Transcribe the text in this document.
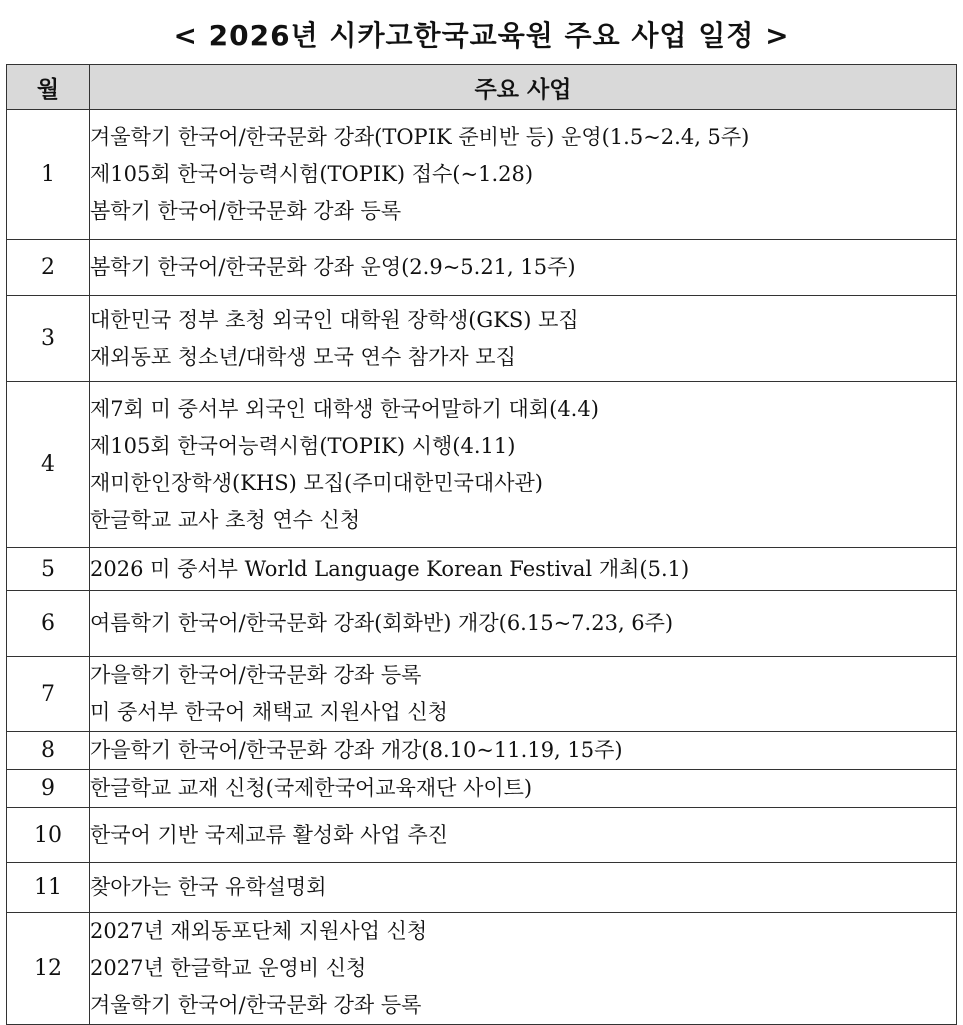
< 2026년 시카고한국교육원 주요 사업 일정 >
월	주요 사업
1	겨울학기 한국어/한국문화 강좌(TOPIK 준비반 등) 운영(1.5~2.4, 5주)
제105회 한국어능력시험(TOPIK) 접수(~1.28)
봄학기 한국어/한국문화 강좌 등록

2	봄학기 한국어/한국문화 강좌 운영(2.9~5.21, 15주)

3	대한민국 정부 초청 외국인 대학원 장학생(GKS) 모집
재외동포 청소년/대학생 모국 연수 참가자 모집

4	제7회 미 중서부 외국인 대학생 한국어말하기 대회(4.4)
제105회 한국어능력시험(TOPIK) 시행(4.11)
재미한인장학생(KHS) 모집(주미대한민국대사관)
한글학교 교사 초청 연수 신청

5	2026 미 중서부 World Language Korean Festival 개최(5.1)

6	여름학기 한국어/한국문화 강좌(회화반) 개강(6.15~7.23, 6주)

7	가을학기 한국어/한국문화 강좌 등록
미 중서부 한국어 채택교 지원사업 신청

8	가을학기 한국어/한국문화 강좌 개강(8.10~11.19, 15주)

9	한글학교 교재 신청(국제한국어교육재단 사이트)

10	한국어 기반 국제교류 활성화 사업 추진

11	찾아가는 한국 유학설명회

12	2027년 재외동포단체 지원사업 신청
2027년 한글학교 운영비 신청
겨울학기 한국어/한국문화 강좌 등록
